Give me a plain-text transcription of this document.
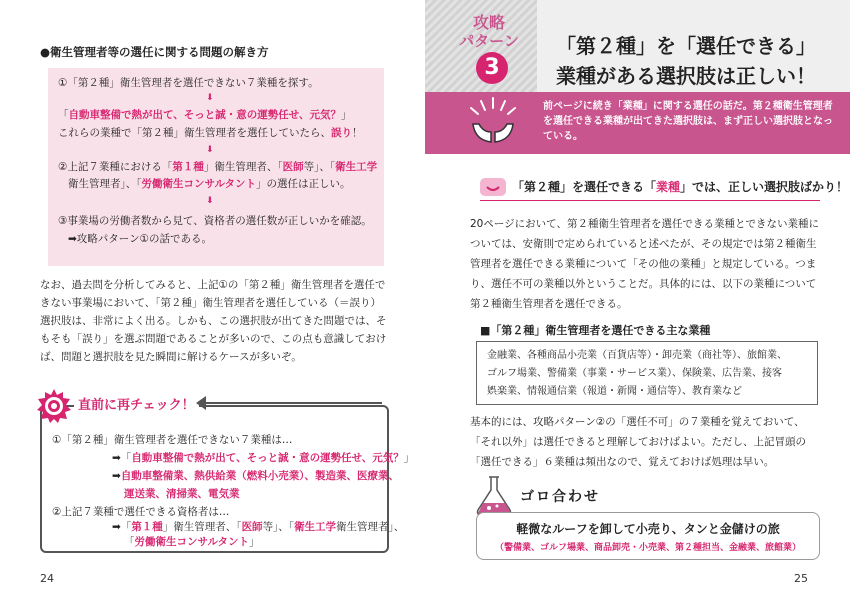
●衛生管理者等の選任に関する問題の解き方
①「第２種」衛生管理者を選任できない７業種を探す。
⬇
「自動車整備で熱が出て、そっと誠・意の運勢任せ、元気？」
これらの業種で「第２種」衛生管理者を選任していたら、誤り！
⬇
②上記７業種における「第１種」衛生管理者、「医師等」、「衛生工学
衛生管理者」、「労働衛生コンサルタント」の選任は正しい。
⬇
③事業場の労働者数から見て、資格者の選任数が正しいかを確認。
➡攻略パターン①の話である。

なお、過去問を分析してみると、上記①の「第２種」衛生管理者を選任できない事業場において、「第２種」衛生管理者を選任している（＝誤り）選択肢は、非常によく出る。しかも、この選択肢が出てきた問題では、そもそも「誤り」を選ぶ問題であることが多いので、この点も意識しておけば、問題と選択肢を見た瞬間に解けるケースが多いぞ。

①「第２種」衛生管理者を選任できない７業種は…
➡「自動車整備で熱が出て、そっと誠・意の運勢任せ、元気？」
➡自動車整備業、熱供給業（燃料小売業）、製造業、医療業、
運送業、清掃業、電気業
②上記７業種で選任できる資格者は…
➡「第１種」衛生管理者、「医師等」、「衛生工学衛生管理者」、
「労働衛生コンサルタント」
直前に再チェック！
24
攻略
パターン
3
「第２種」を「選任できる」
業種がある選択肢は正しい！
前ページに続き「業種」に関する選任の話だ。第２種衛生管理者を選任できる業種が出てきた選択肢は、まず正しい選択肢となっている。
「第２種」を選任できる「業種」では、正しい選択肢ばかり！

20ページにおいて、第２種衛生管理者を選任できる業種とできない業種については、安衛則で定められていると述べたが、その規定では第２種衛生管理者を選任できる業種について「その他の業種」と規定している。つまり、選任不可の業種以外ということだ。具体的には、以下の業種について第２種衛生管理者を選任できる。

■「第２種」衛生管理者を選任できる主な業種
金融業、各種商品小売業（百貨店等）・卸売業（商社等）、旅館業、
ゴルフ場業、警備業（事業・サービス業）、保険業、広告業、接客
娯楽業、情報通信業（報道・新聞・通信等）、教育業など

基本的には、攻略パターン②の「選任不可」の７業種を覚えておいて、「それ以外」は選任できると理解しておけばよい。ただし、上記冒頭の「選任できる」６業種は頻出なので、覚えておけば処理は早い。

ゴロ合わせ
軽微なルーフを卸して小売り、タンと金儲けの旅
（警備業、ゴルフ場業、商品卸売・小売業、第２種担当、金融業、旅館業）
25
